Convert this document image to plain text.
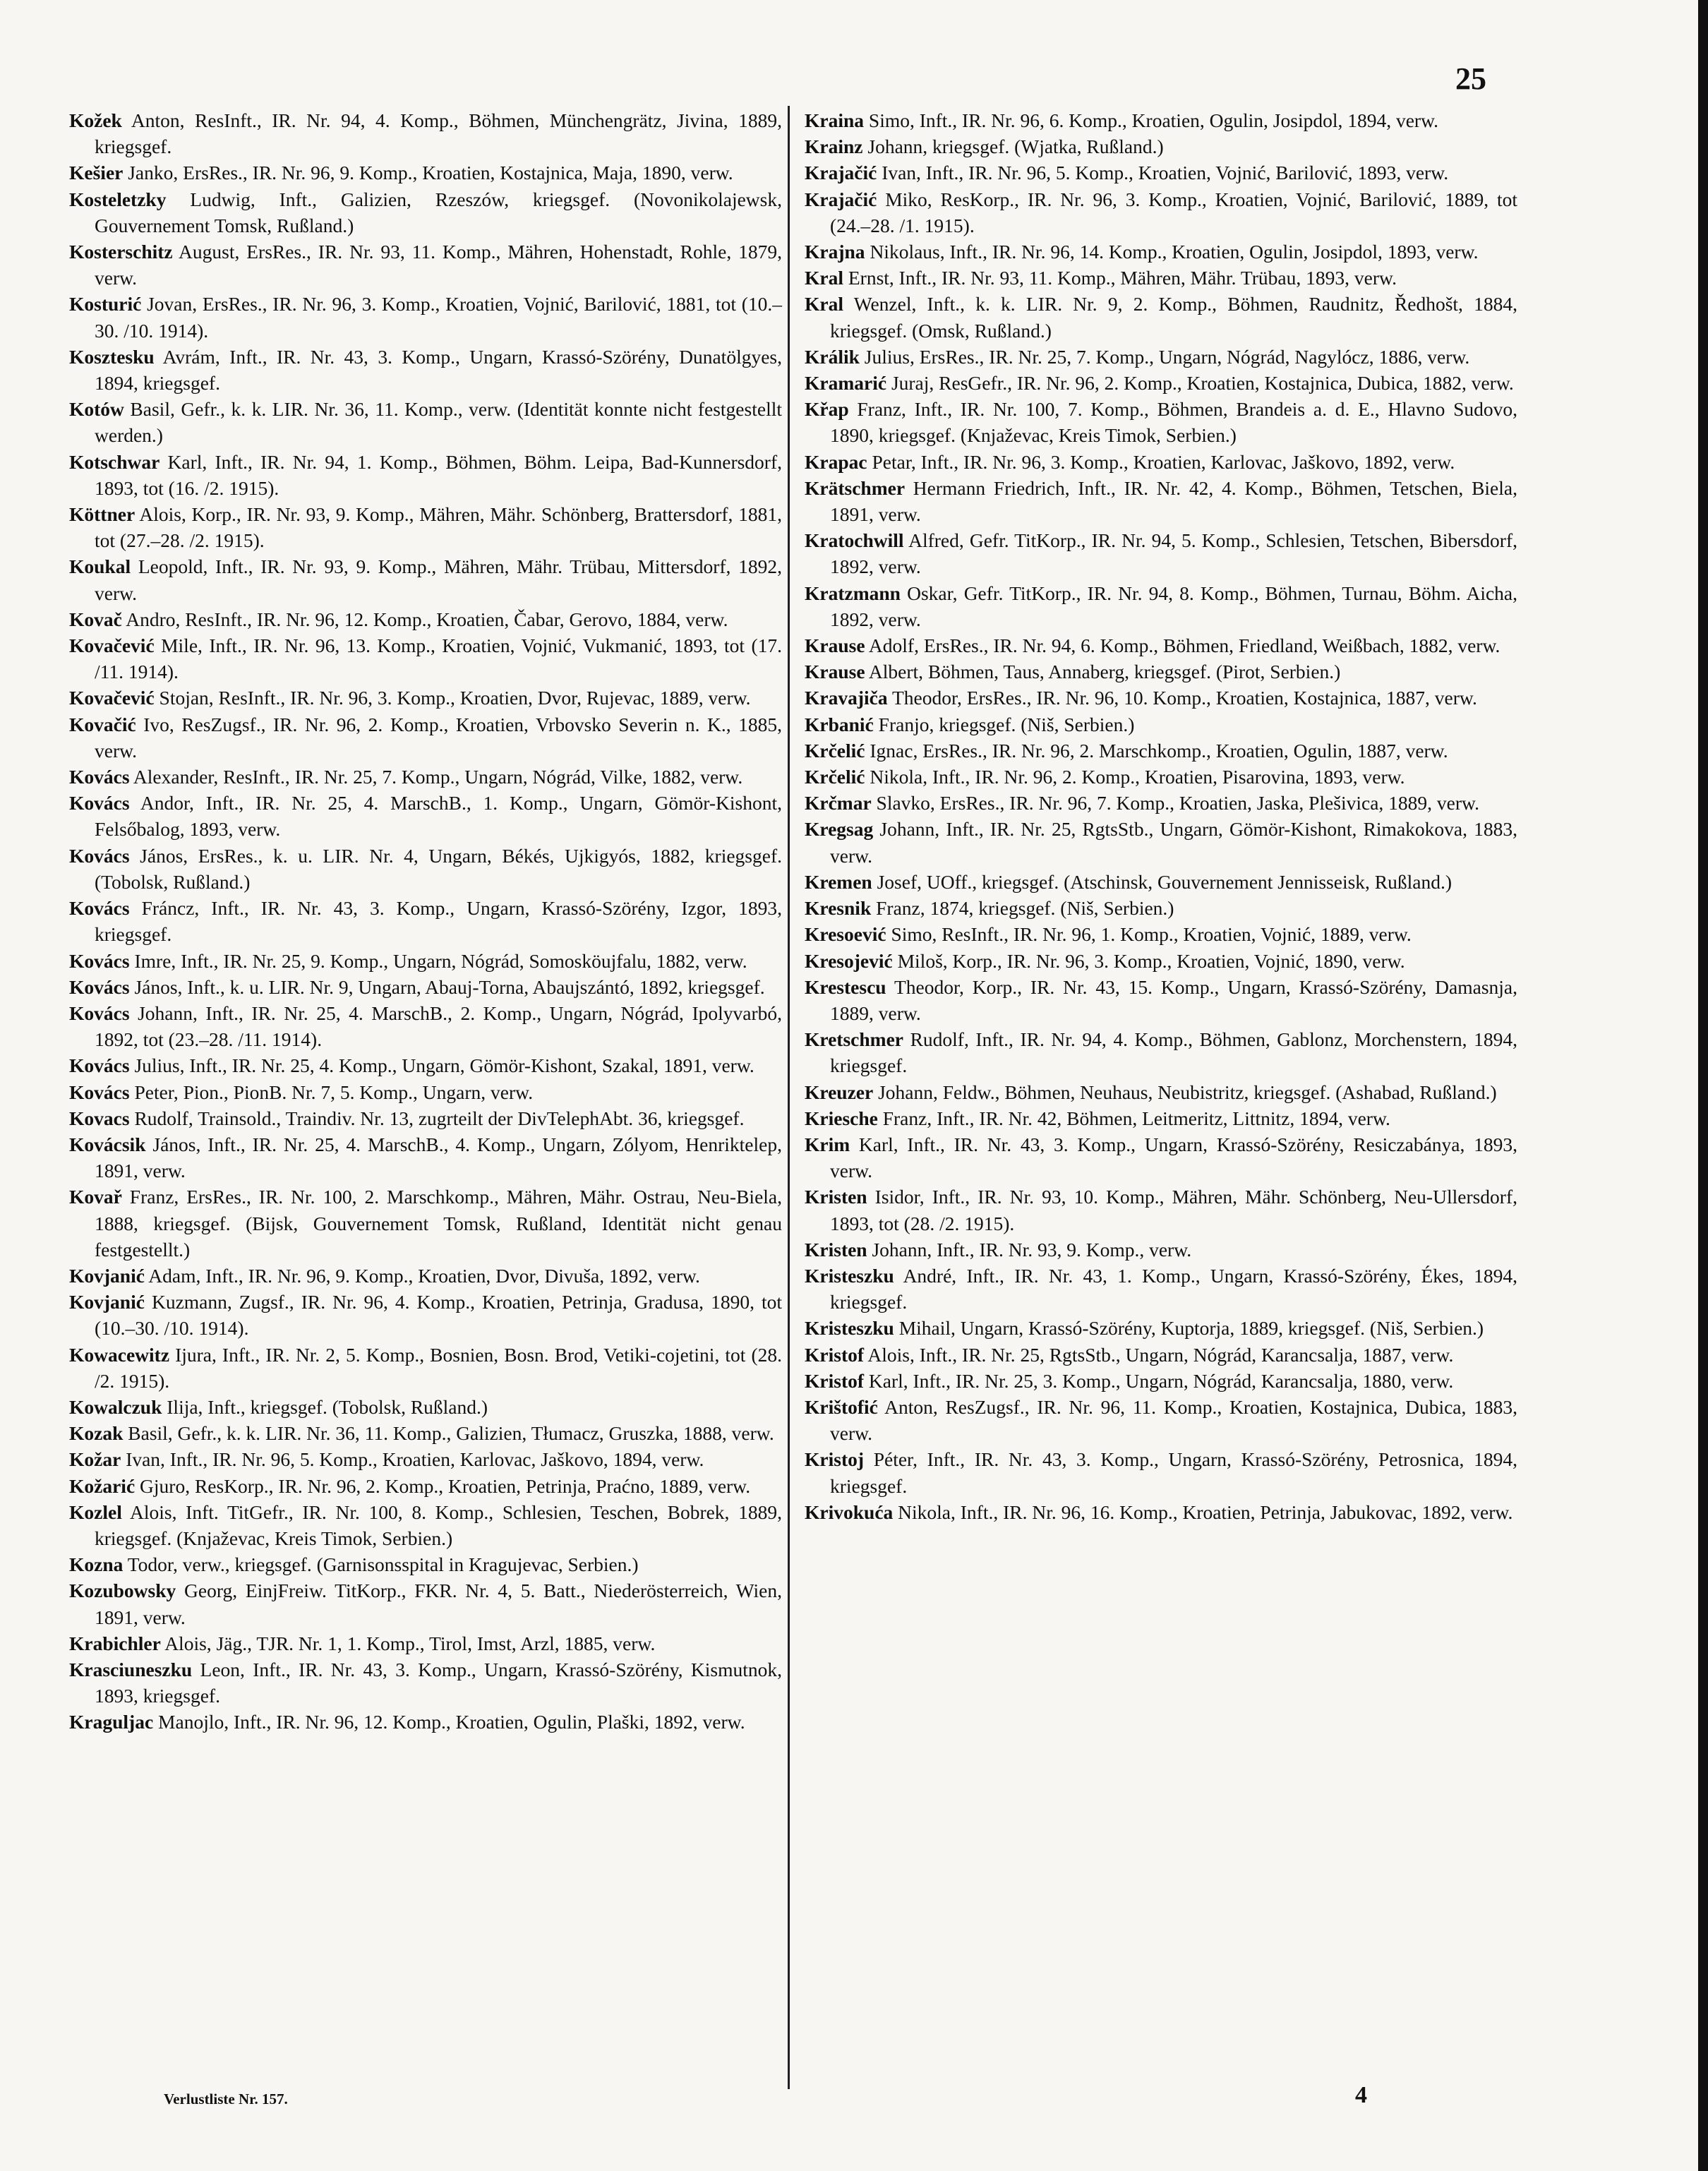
25

Kožek Anton, ResInft., IR. Nr. 94, 4. Komp., Böhmen, Münchengrätz, Jivina, 1889, kriegsgef.

Kešier Janko, ErsRes., IR. Nr. 96, 9. Komp., Kroatien, Kostajnica, Maja, 1890, verw.

Kosteletzky Ludwig, Inft., Galizien, Rzeszów, kriegsgef. (Novonikolajewsk, Gouvernement Tomsk, Rußland.)

Kosterschitz August, ErsRes., IR. Nr. 93, 11. Komp., Mähren, Hohenstadt, Rohle, 1879, verw.

Kosturić Jovan, ErsRes., IR. Nr. 96, 3. Komp., Kroatien, Vojnić, Barilović, 1881, tot (10.–30. /10. 1914).

Kosztesku Avrám, Inft., IR. Nr. 43, 3. Komp., Ungarn, Krassó-Szörény, Dunatölgyes, 1894, kriegsgef.

Kotów Basil, Gefr., k. k. LIR. Nr. 36, 11. Komp., verw. (Identität konnte nicht festgestellt werden.)

Kotschwar Karl, Inft., IR. Nr. 94, 1. Komp., Böhmen, Böhm. Leipa, Bad-Kunnersdorf, 1893, tot (16. /2. 1915).

Köttner Alois, Korp., IR. Nr. 93, 9. Komp., Mähren, Mähr. Schönberg, Brattersdorf, 1881, tot (27.–28. /2. 1915).

Koukal Leopold, Inft., IR. Nr. 93, 9. Komp., Mähren, Mähr. Trübau, Mittersdorf, 1892, verw.

Kovač Andro, ResInft., IR. Nr. 96, 12. Komp., Kroatien, Čabar, Gerovo, 1884, verw.

Kovačević Mile, Inft., IR. Nr. 96, 13. Komp., Kroatien, Vojnić, Vukmanić, 1893, tot (17. /11. 1914).

Kovačević Stojan, ResInft., IR. Nr. 96, 3. Komp., Kroatien, Dvor, Rujevac, 1889, verw.

Kovačić Ivo, ResZugsf., IR. Nr. 96, 2. Komp., Kroatien, Vrbovsko Severin n. K., 1885, verw.

Kovács Alexander, ResInft., IR. Nr. 25, 7. Komp., Ungarn, Nógrád, Vilke, 1882, verw.

Kovács Andor, Inft., IR. Nr. 25, 4. MarschB., 1. Komp., Ungarn, Gömör-Kishont, Felsőbalog, 1893, verw.

Kovács János, ErsRes., k. u. LIR. Nr. 4, Ungarn, Békés, Ujkigyós, 1882, kriegsgef. (Tobolsk, Rußland.)

Kovács Fráncz, Inft., IR. Nr. 43, 3. Komp., Ungarn, Krassó-Szörény, Izgor, 1893, kriegsgef.

Kovács Imre, Inft., IR. Nr. 25, 9. Komp., Ungarn, Nógrád, Somosköujfalu, 1882, verw.

Kovács János, Inft., k. u. LIR. Nr. 9, Ungarn, Abauj-Torna, Abaujszántó, 1892, kriegsgef.

Kovács Johann, Inft., IR. Nr. 25, 4. MarschB., 2. Komp., Ungarn, Nógrád, Ipolyvarbó, 1892, tot (23.–28. /11. 1914).

Kovács Julius, Inft., IR. Nr. 25, 4. Komp., Ungarn, Gömör-Kishont, Szakal, 1891, verw.

Kovács Peter, Pion., PionB. Nr. 7, 5. Komp., Ungarn, verw.

Kovacs Rudolf, Trainsold., Traindiv. Nr. 13, zugrteilt der DivTelephAbt. 36, kriegsgef.

Kovácsik János, Inft., IR. Nr. 25, 4. MarschB., 4. Komp., Ungarn, Zólyom, Henriktelep, 1891, verw.

Kovař Franz, ErsRes., IR. Nr. 100, 2. Marschkomp., Mähren, Mähr. Ostrau, Neu-Biela, 1888, kriegsgef. (Bijsk, Gouvernement Tomsk, Rußland, Identität nicht genau festgestellt.)

Kovjanić Adam, Inft., IR. Nr. 96, 9. Komp., Kroatien, Dvor, Divuša, 1892, verw.

Kovjanić Kuzmann, Zugsf., IR. Nr. 96, 4. Komp., Kroatien, Petrinja, Gradusa, 1890, tot (10.–30. /10. 1914).

Kowacewitz Ijura, Inft., IR. Nr. 2, 5. Komp., Bosnien, Bosn. Brod, Vetiki-cojetini, tot (28. /2. 1915).

Kowalczuk Ilija, Inft., kriegsgef. (Tobolsk, Rußland.)

Kozak Basil, Gefr., k. k. LIR. Nr. 36, 11. Komp., Galizien, Tłumacz, Gruszka, 1888, verw.

Kožar Ivan, Inft., IR. Nr. 96, 5. Komp., Kroatien, Karlovac, Jaškovo, 1894, verw.

Kožarić Gjuro, ResKorp., IR. Nr. 96, 2. Komp., Kroatien, Petrinja, Praćno, 1889, verw.

Kozlel Alois, Inft. TitGefr., IR. Nr. 100, 8. Komp., Schlesien, Teschen, Bobrek, 1889, kriegsgef. (Knjaževac, Kreis Timok, Serbien.)

Kozna Todor, verw., kriegsgef. (Garnisonsspital in Kragujevac, Serbien.)

Kozubowsky Georg, EinjFreiw. TitKorp., FKR. Nr. 4, 5. Batt., Niederösterreich, Wien, 1891, verw.

Krabichler Alois, Jäg., TJR. Nr. 1, 1. Komp., Tirol, Imst, Arzl, 1885, verw.

Krasciuneszku Leon, Inft., IR. Nr. 43, 3. Komp., Ungarn, Krassó-Szörény, Kismutnok, 1893, kriegsgef.

Kraguljac Manojlo, Inft., IR. Nr. 96, 12. Komp., Kroatien, Ogulin, Plaški, 1892, verw.

Kraina Simo, Inft., IR. Nr. 96, 6. Komp., Kroatien, Ogulin, Josipdol, 1894, verw.

Krainz Johann, kriegsgef. (Wjatka, Rußland.)

Krajačić Ivan, Inft., IR. Nr. 96, 5. Komp., Kroatien, Vojnić, Barilović, 1893, verw.

Krajačić Miko, ResKorp., IR. Nr. 96, 3. Komp., Kroatien, Vojnić, Barilović, 1889, tot (24.–28. /1. 1915).

Krajna Nikolaus, Inft., IR. Nr. 96, 14. Komp., Kroatien, Ogulin, Josipdol, 1893, verw.

Kral Ernst, Inft., IR. Nr. 93, 11. Komp., Mähren, Mähr. Trübau, 1893, verw.

Kral Wenzel, Inft., k. k. LIR. Nr. 9, 2. Komp., Böhmen, Raudnitz, Ředhošt, 1884, kriegsgef. (Omsk, Rußland.)

Králik Julius, ErsRes., IR. Nr. 25, 7. Komp., Ungarn, Nógrád, Nagylócz, 1886, verw.

Kramarić Juraj, ResGefr., IR. Nr. 96, 2. Komp., Kroatien, Kostajnica, Dubica, 1882, verw.

Křap Franz, Inft., IR. Nr. 100, 7. Komp., Böhmen, Brandeis a. d. E., Hlavno Sudovo, 1890, kriegsgef. (Knjaževac, Kreis Timok, Serbien.)

Krapac Petar, Inft., IR. Nr. 96, 3. Komp., Kroatien, Karlovac, Jaškovo, 1892, verw.

Krätschmer Hermann Friedrich, Inft., IR. Nr. 42, 4. Komp., Böhmen, Tetschen, Biela, 1891, verw.

Kratochwill Alfred, Gefr. TitKorp., IR. Nr. 94, 5. Komp., Schlesien, Tetschen, Bibersdorf, 1892, verw.

Kratzmann Oskar, Gefr. TitKorp., IR. Nr. 94, 8. Komp., Böhmen, Turnau, Böhm. Aicha, 1892, verw.

Krause Adolf, ErsRes., IR. Nr. 94, 6. Komp., Böhmen, Friedland, Weißbach, 1882, verw.

Krause Albert, Böhmen, Taus, Annaberg, kriegsgef. (Pirot, Serbien.)

Kravajiča Theodor, ErsRes., IR. Nr. 96, 10. Komp., Kroatien, Kostajnica, 1887, verw.

Krbanić Franjo, kriegsgef. (Niš, Serbien.)

Krčelić Ignac, ErsRes., IR. Nr. 96, 2. Marschkomp., Kroatien, Ogulin, 1887, verw.

Krčelić Nikola, Inft., IR. Nr. 96, 2. Komp., Kroatien, Pisarovina, 1893, verw.

Krčmar Slavko, ErsRes., IR. Nr. 96, 7. Komp., Kroatien, Jaska, Plešivica, 1889, verw.

Kregsag Johann, Inft., IR. Nr. 25, RgtsStb., Ungarn, Gömör-Kishont, Rimakokova, 1883, verw.

Kremen Josef, UOff., kriegsgef. (Atschinsk, Gouvernement Jennisseisk, Rußland.)

Kresnik Franz, 1874, kriegsgef. (Niš, Serbien.)

Kresoević Simo, ResInft., IR. Nr. 96, 1. Komp., Kroatien, Vojnić, 1889, verw.

Kresojević Miloš, Korp., IR. Nr. 96, 3. Komp., Kroatien, Vojnić, 1890, verw.

Krestescu Theodor, Korp., IR. Nr. 43, 15. Komp., Ungarn, Krassó-Szörény, Damasnja, 1889, verw.

Kretschmer Rudolf, Inft., IR. Nr. 94, 4. Komp., Böhmen, Gablonz, Morchenstern, 1894, kriegsgef.

Kreuzer Johann, Feldw., Böhmen, Neuhaus, Neubistritz, kriegsgef. (Ashabad, Rußland.)

Kriesche Franz, Inft., IR. Nr. 42, Böhmen, Leitmeritz, Littnitz, 1894, verw.

Krim Karl, Inft., IR. Nr. 43, 3. Komp., Ungarn, Krassó-Szörény, Resiczabánya, 1893, verw.

Kristen Isidor, Inft., IR. Nr. 93, 10. Komp., Mähren, Mähr. Schönberg, Neu-Ullersdorf, 1893, tot (28. /2. 1915).

Kristen Johann, Inft., IR. Nr. 93, 9. Komp., verw.

Kristeszku André, Inft., IR. Nr. 43, 1. Komp., Ungarn, Krassó-Szörény, Ékes, 1894, kriegsgef.

Kristeszku Mihail, Ungarn, Krassó-Szörény, Kuptorja, 1889, kriegsgef. (Niš, Serbien.)

Kristof Alois, Inft., IR. Nr. 25, RgtsStb., Ungarn, Nógrád, Karancsalja, 1887, verw.

Kristof Karl, Inft., IR. Nr. 25, 3. Komp., Ungarn, Nógrád, Karancsalja, 1880, verw.

Krištofić Anton, ResZugsf., IR. Nr. 96, 11. Komp., Kroatien, Kostajnica, Dubica, 1883, verw.

Kristoj Péter, Inft., IR. Nr. 43, 3. Komp., Ungarn, Krassó-Szörény, Petrosnica, 1894, kriegsgef.

Krivokuća Nikola, Inft., IR. Nr. 96, 16. Komp., Kroatien, Petrinja, Jabukovac, 1892, verw.

Verlustliste Nr. 157.	4
